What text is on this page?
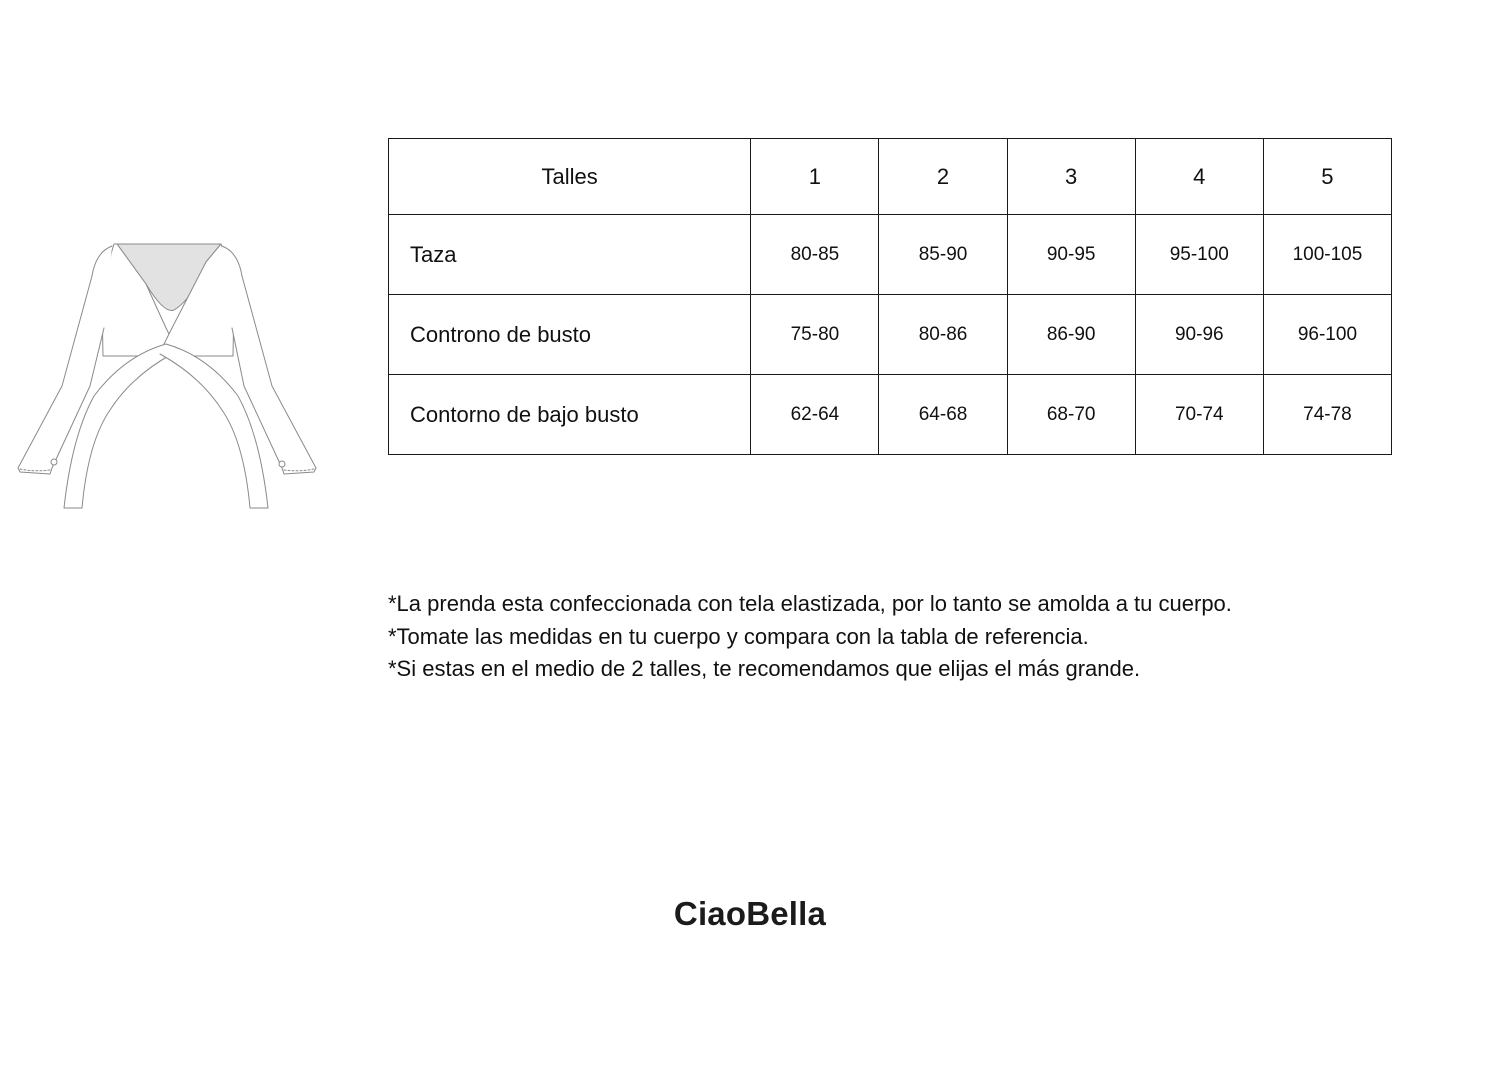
Talles	1	2	3	4	5
Taza	80-85	85-90	90-95	95-100	100-105
Controno de busto	75-80	80-86	86-90	90-96	96-100
Contorno de bajo busto	62-64	64-68	68-70	70-74	74-78

*La prenda esta confeccionada con tela elastizada, por lo tanto se amolda a tu cuerpo.

*Tomate las medidas en tu cuerpo y compara con la tabla de referencia.

*Si estas en el medio de 2 talles, te recomendamos que elijas el más grande.

CiaoBella
